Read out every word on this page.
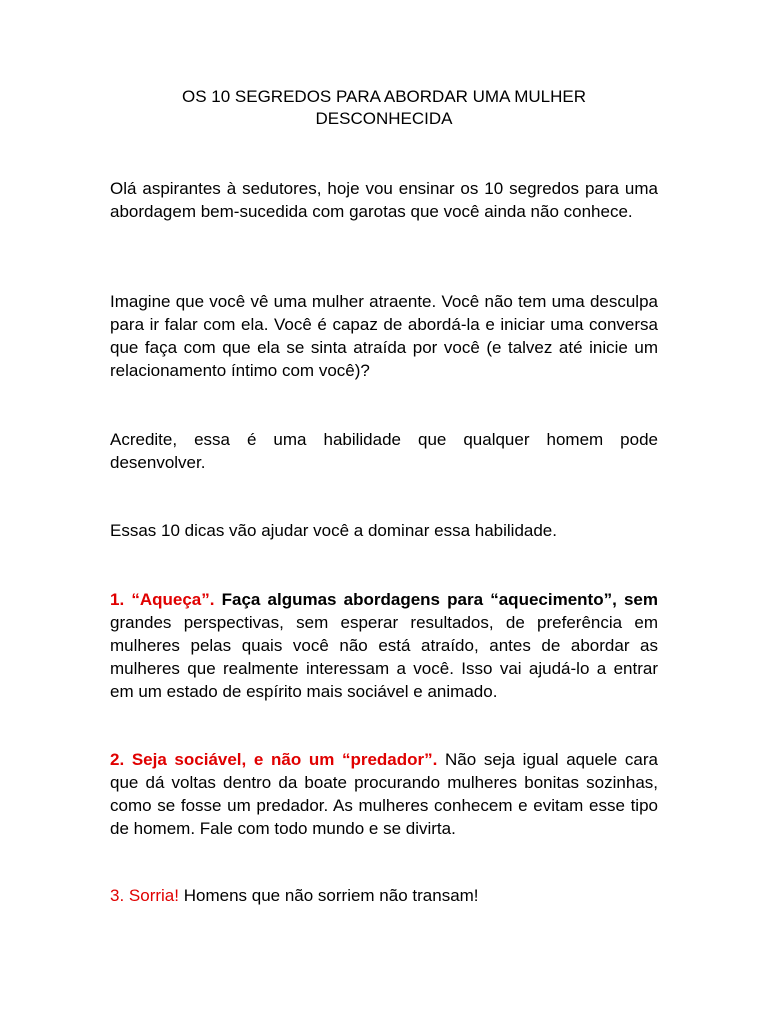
OS 10 SEGREDOS PARA ABORDAR UMA MULHER
DESCONHECIDA

Olá aspirantes à sedutores, hoje vou ensinar os 10 segredos para uma abordagem bem-sucedida com garotas que você ainda não conhece.

Imagine que você vê uma mulher atraente. Você não tem uma desculpa para ir falar com ela. Você é capaz de abordá-la e iniciar uma conversa que faça com que ela se sinta atraída por você (e talvez até inicie um relacionamento íntimo com você)?

Acredite, essa é uma habilidade que qualquer homem pode desenvolver.

Essas 10 dicas vão ajudar você a dominar essa habilidade.

1. “Aqueça”. Faça algumas abordagens para “aquecimento”, sem grandes perspectivas, sem esperar resultados, de preferência em mulheres pelas quais você não está atraído, antes de abordar as mulheres que realmente interessam a você. Isso vai ajudá-lo a entrar em um estado de espírito mais sociável e animado.

2. Seja sociável, e não um “predador”. Não seja igual aquele cara que dá voltas dentro da boate procurando mulheres bonitas sozinhas, como se fosse um predador. As mulheres conhecem e evitam esse tipo de homem. Fale com todo mundo e se divirta.

3. Sorria! Homens que não sorriem não transam!
